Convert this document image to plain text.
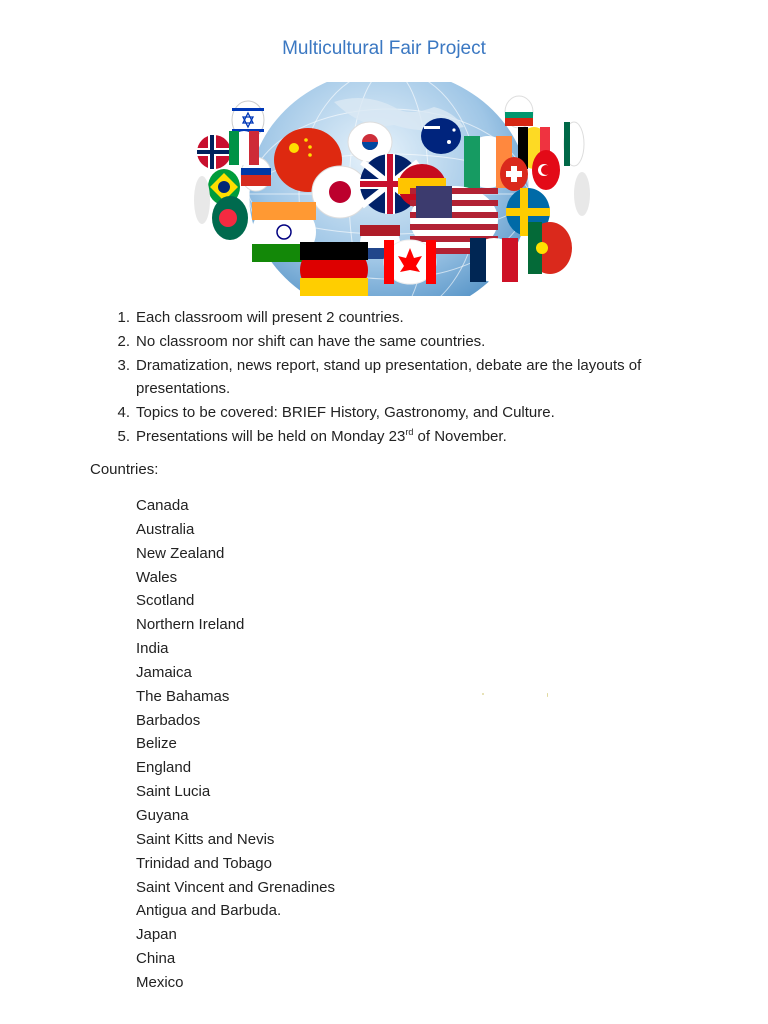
Multicultural Fair Project
1. Each classroom will present 2 countries.
2. No classroom nor shift can have the same countries.
3. Dramatization, news report, stand up presentation, debate are the layouts of presentations.
4. Topics to be covered: BRIEF History, Gastronomy, and Culture.
5. Presentations will be held on Monday 23rd of November.

Countries:

Canada
Australia
New Zealand
Wales
Scotland
Northern Ireland
India
Jamaica
The Bahamas
Barbados
Belize
England
Saint Lucia
Guyana
Saint Kitts and Nevis
Trinidad and Tobago
Saint Vincent and Grenadines
Antigua and Barbuda.
Japan
China
Mexico
